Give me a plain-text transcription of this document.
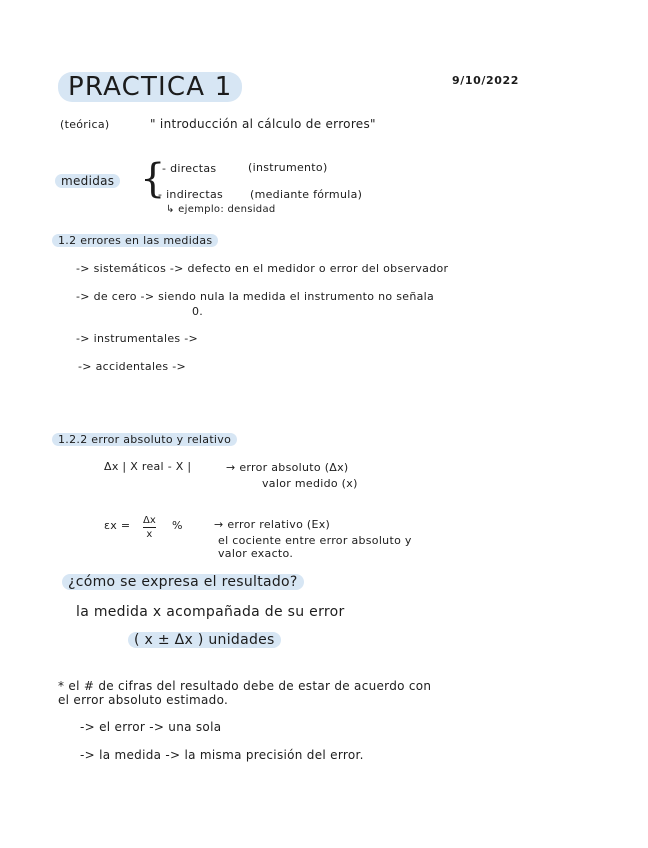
PRACTICA 1	9/10/2022
(teórica)	" introducción al cálculo de errores"
medidas {
- directas	(instrumento)
- indirectas (mediante fórmula)
↳ ejemplo: densidad
1.2 errores en las medidas
-> sistemáticos -> defecto en el medidor o error del observador
-> de cero -> siendo nula la medida el instrumento no señala
0.
-> instrumentales ->
-> accidentales ->
1.2.2 error absoluto y relativo
Δx | X real - X |	→ error absoluto (Δx)
valor medido (x)
εx = Δx
x
%	→ error relativo (Ex)
el cociente entre error absoluto y
valor exacto.
¿cómo se expresa el resultado?
la medida x acompañada de su error
( x ± Δx ) unidades
* el # de cifras del resultado debe de estar de acuerdo con
el error absoluto estimado.
-> el error -> una sola
-> la medida -> la misma precisión del error.
